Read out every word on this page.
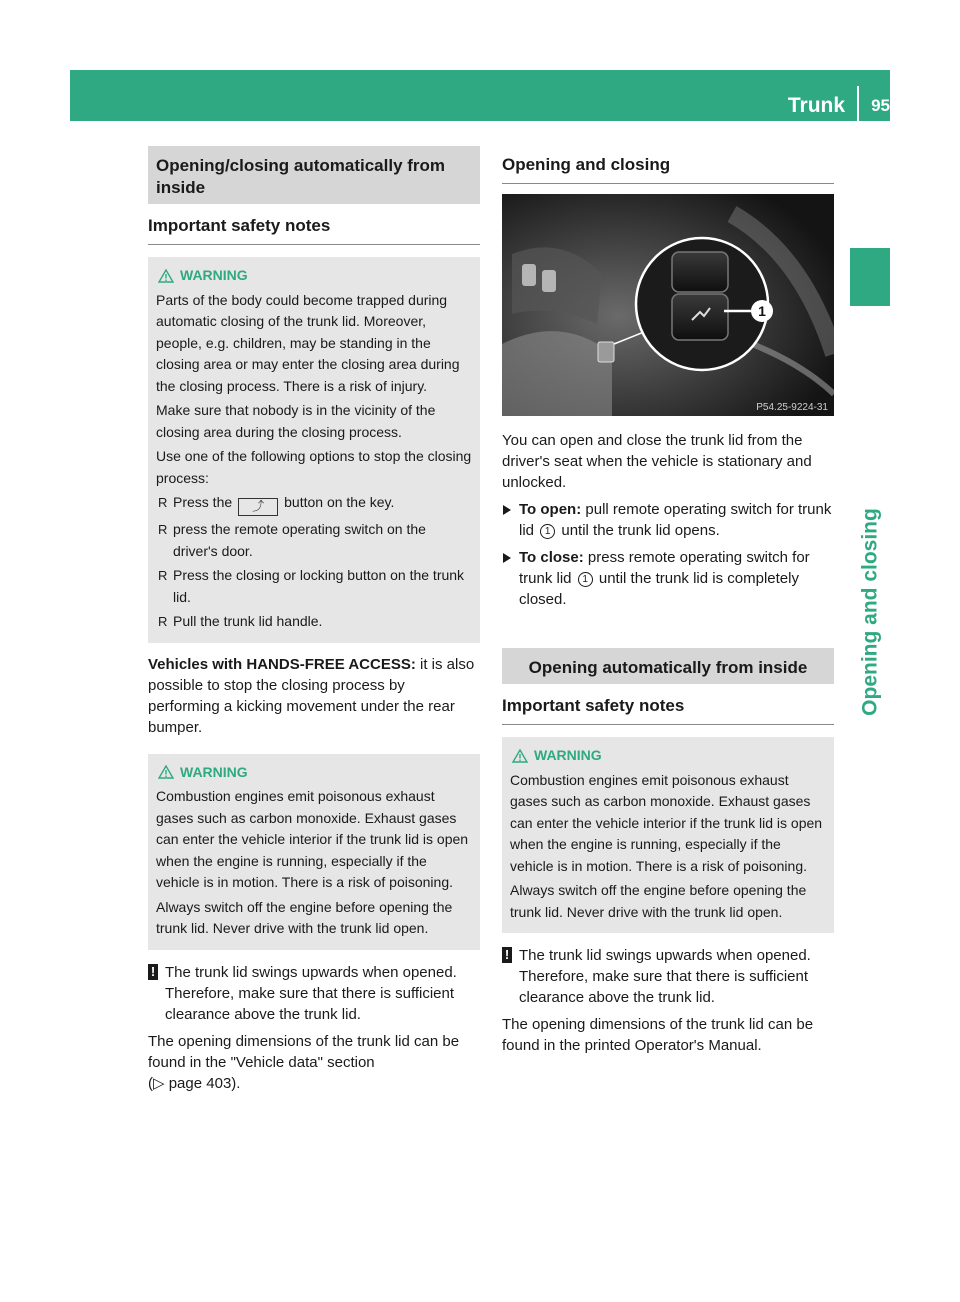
Trunk 95
Opening and closing
Opening/closing automatically from inside
Important safety notes
WARNING

Parts of the body could become trapped during automatic closing of the trunk lid. Moreover, people, e.g. children, may be standing in the closing area or may enter the closing area during the closing process. There is a risk of injury.

Make sure that nobody is in the vicinity of the closing area during the closing process.

Use one of the following options to stop the closing process:

R Press the ⤴ button on the key.
R press the remote operating switch on the driver's door.
R Press the closing or locking button on the trunk lid.
R Pull the trunk lid handle.

Vehicles with HANDS-FREE ACCESS: it is also possible to stop the closing process by performing a kicking movement under the rear bumper.

WARNING

Combustion engines emit poisonous exhaust gases such as carbon monoxide. Exhaust gases can enter the vehicle interior if the trunk lid is open when the engine is running, especially if the vehicle is in motion. There is a risk of poisoning.

Always switch off the engine before opening the trunk lid. Never drive with the trunk lid open.

! The trunk lid swings upwards when opened. Therefore, make sure that there is sufficient clearance above the trunk lid.

The opening dimensions of the trunk lid can be found in the "Vehicle data" section
(▷ page 403).

Opening and closing
1
P54.25-9224-31

You can open and close the trunk lid from the driver's seat when the vehicle is stationary and unlocked.

To open: pull remote operating switch for trunk lid 1 until the trunk lid opens.
To close: press remote operating switch for trunk lid 1 until the trunk lid is completely closed.
Opening automatically from inside
Important safety notes
WARNING

Combustion engines emit poisonous exhaust gases such as carbon monoxide. Exhaust gases can enter the vehicle interior if the trunk lid is open when the engine is running, especially if the vehicle is in motion. There is a risk of poisoning.

Always switch off the engine before opening the trunk lid. Never drive with the trunk lid open.

! The trunk lid swings upwards when opened. Therefore, make sure that there is sufficient clearance above the trunk lid.

The opening dimensions of the trunk lid can be found in the printed Operator's Manual.
